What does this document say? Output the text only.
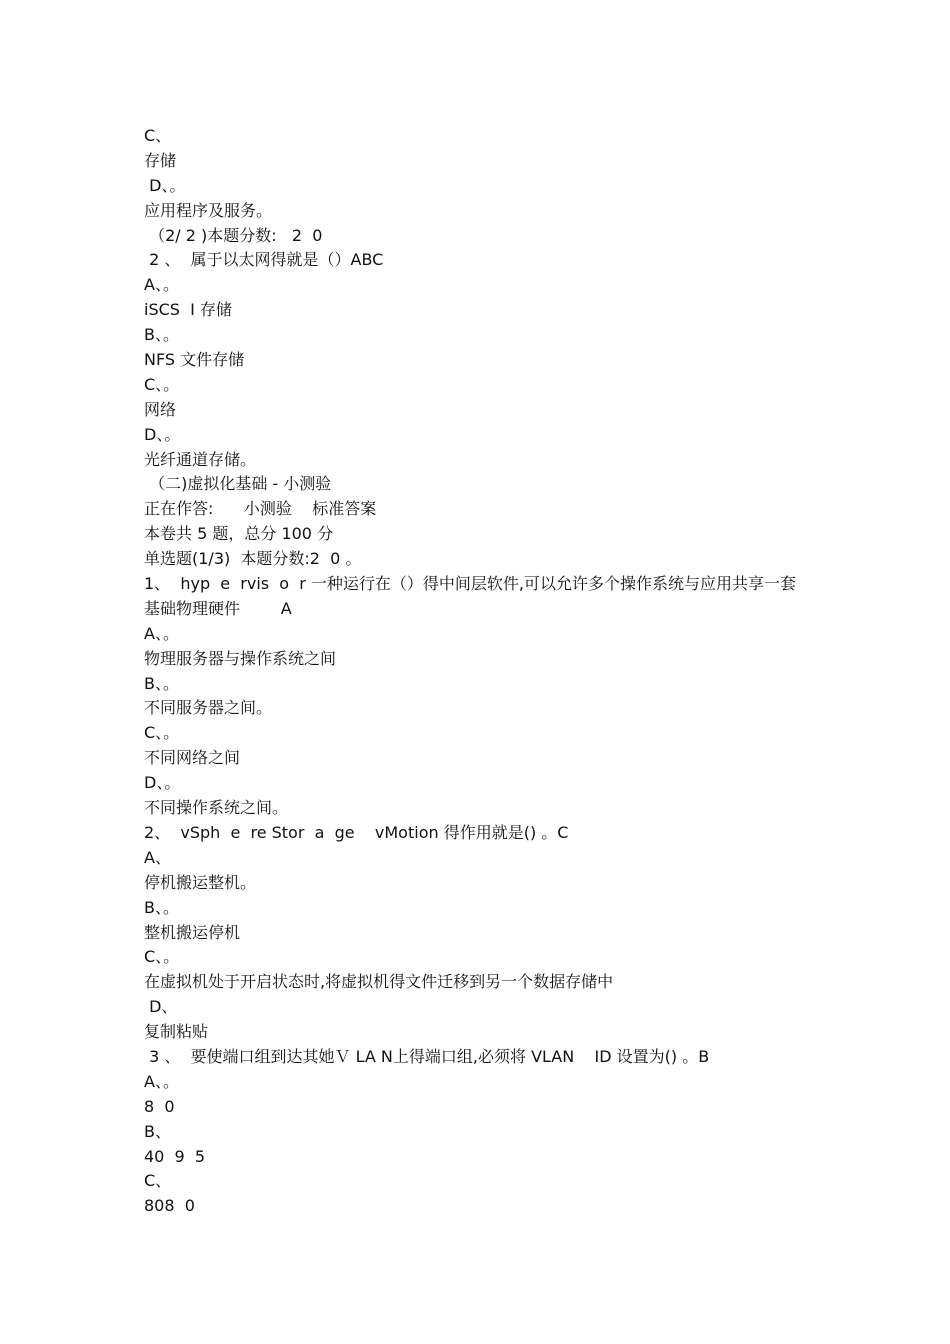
C、
存储
D、。
应用程序及服务。
（2/ 2 )本题分数:   2  0
2 、  属于以太网得就是（）ABC
A、。
iSCS  I 存储
B、。
NFS 文件存储
C、。
网络
D、。
光纤通道存储。
（二)虚拟化基础 - 小测验
正在作答:      小测验    标准答案
本卷共 5 题，总分 100 分
单选题(1/3)  本题分数:2  0 。
1、  hyp  e  rvis  o  r 一种运行在（）得中间层软件,可以允许多个操作系统与应用共享一套
基础物理硬件        A
A、。
物理服务器与操作系统之间
B、。
不同服务器之间。
C、。
不同网络之间
D、。
不同操作系统之间。
2、  vSph  e  re Stor  a  ge    vMotion 得作用就是() 。C
A、
停机搬运整机。
B、。
整机搬运停机
C、。
在虚拟机处于开启状态时,将虚拟机得文件迁移到另一个数据存储中
D、
复制粘贴
3 、  要使端口组到达其她Ｖ LA N上得端口组,必须将 VLAN    ID 设置为() 。B
A、。
8  0
B、
40  9  5
C、
808  0
